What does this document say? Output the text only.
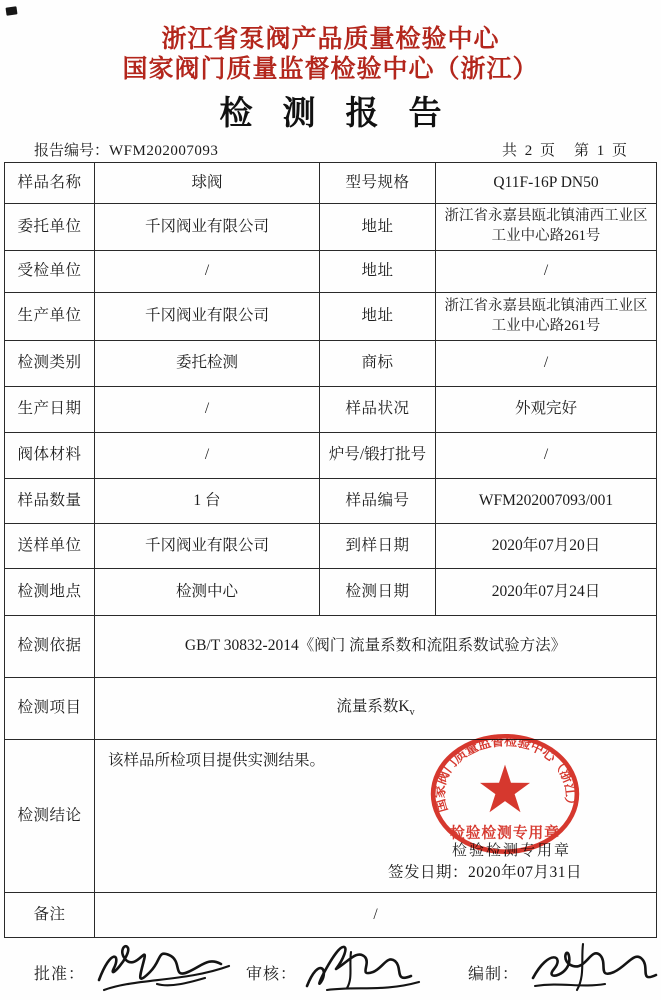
浙江省泵阀产品质量检验中心
国家阀门质量监督检验中心（浙江）
检测报告
报告编号：WFM202007093	共 2 页　第 1 页
样品名称	球阀	型号规格	Q11F-16P DN50
委托单位	千冈阀业有限公司	地址	浙江省永嘉县瓯北镇浦西工业区工业中心路261号
受检单位	/	地址	/
生产单位	千冈阀业有限公司	地址	浙江省永嘉县瓯北镇浦西工业区工业中心路261号
检测类别	委托检测	商标	/
生产日期	/	样品状况	外观完好
阀体材料	/	炉号/锻打批号	/
样品数量	1 台	样品编号	WFM202007093/001
送样单位	千冈阀业有限公司	到样日期	2020年07月20日
检测地点	检测中心	检测日期	2020年07月24日
检测依据	GB/T 30832-2014《阀门 流量系数和流阻系数试验方法》		
检测项目	流量系数$K_v$
检测结论	该样品所检项目提供实测结果。		

备注	/		
检验检测专用章
签发日期：2020年07月31日
国家阀门质量监督检验中心（浙江）
检验检测专用章
批准：	审核：	编制：
